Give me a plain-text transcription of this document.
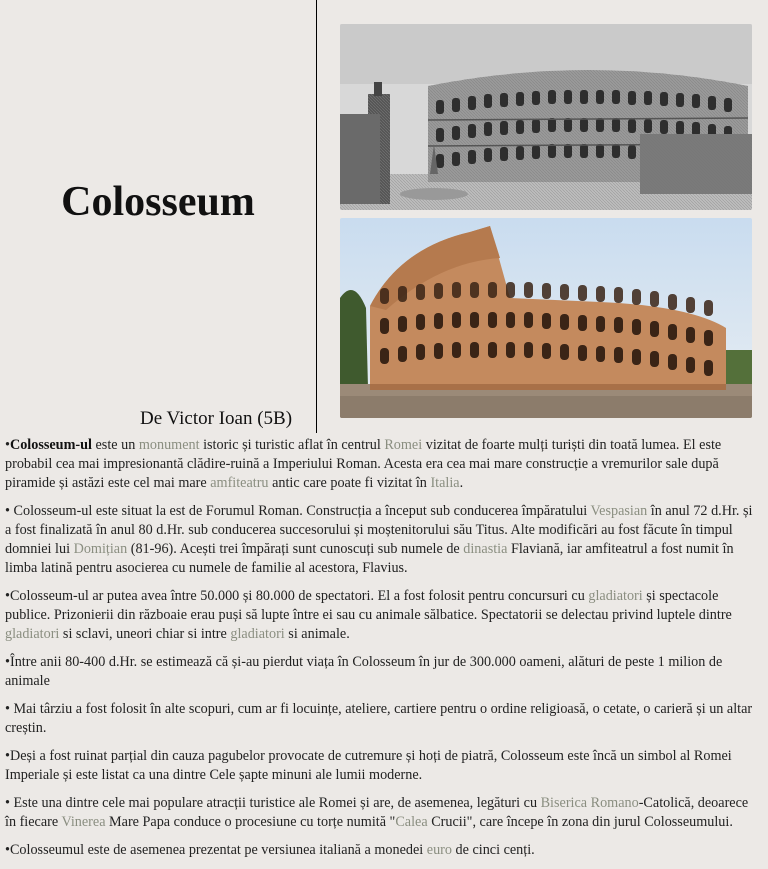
Colosseum
De Victor Ioan (5B)

•Colosseum-ul este un monument istoric și turistic aflat în centrul Romei vizitat de foarte mulți turiști din toată lumea. El este probabil cea mai impresionantă clădire-ruină a Imperiului Roman. Acesta era cea mai mare construcție a vremurilor sale după piramide și astăzi este cel mai mare amfiteatru antic care poate fi vizitat în Italia.

• Colosseum-ul este situat la est de Forumul Roman. Construcția a început sub conducerea împăratului Vespasian în anul 72 d.Hr. și a fost finalizată în anul 80 d.Hr. sub conducerea succesorului și moștenitorului său Titus. Alte modificări au fost făcute în timpul domniei lui Domițian (81-96). Acești trei împărați sunt cunoscuți sub numele de dinastia Flaviană, iar amfiteatrul a fost numit în limba latină pentru asocierea cu numele de familie al acestora, Flavius.

•Colosseum-ul ar putea avea între 50.000 și 80.000 de spectatori. El a fost folosit pentru concursuri cu gladiatori și spectacole publice. Prizonierii din războaie erau puși să lupte între ei sau cu animale sălbatice. Spectatorii se delectau privind luptele dintre gladiatori si sclavi, uneori chiar si intre gladiatori si animale.

•Între anii 80-400 d.Hr. se estimează că și-au pierdut viața în Colosseum în jur de 300.000 oameni, alături de peste 1 milion de animale

• Mai târziu a fost folosit în alte scopuri, cum ar fi locuințe, ateliere, cartiere pentru o ordine religioasă, o cetate, o carieră și un altar creștin.

•Deși a fost ruinat parțial din cauza pagubelor provocate de cutremure și hoți de piatră, Colosseum este încă un simbol al Romei Imperiale și este listat ca una dintre Cele șapte minuni ale lumii moderne.

• Este una dintre cele mai populare atracții turistice ale Romei și are, de asemenea, legături cu Biserica Romano-Catolică, deoarece în fiecare Vinerea Mare Papa conduce o procesiune cu torțe numită "Calea Crucii", care începe în zona din jurul Colosseumului.

•Colosseumul este de asemenea prezentat pe versiunea italiană a monedei euro de cinci cenți.
